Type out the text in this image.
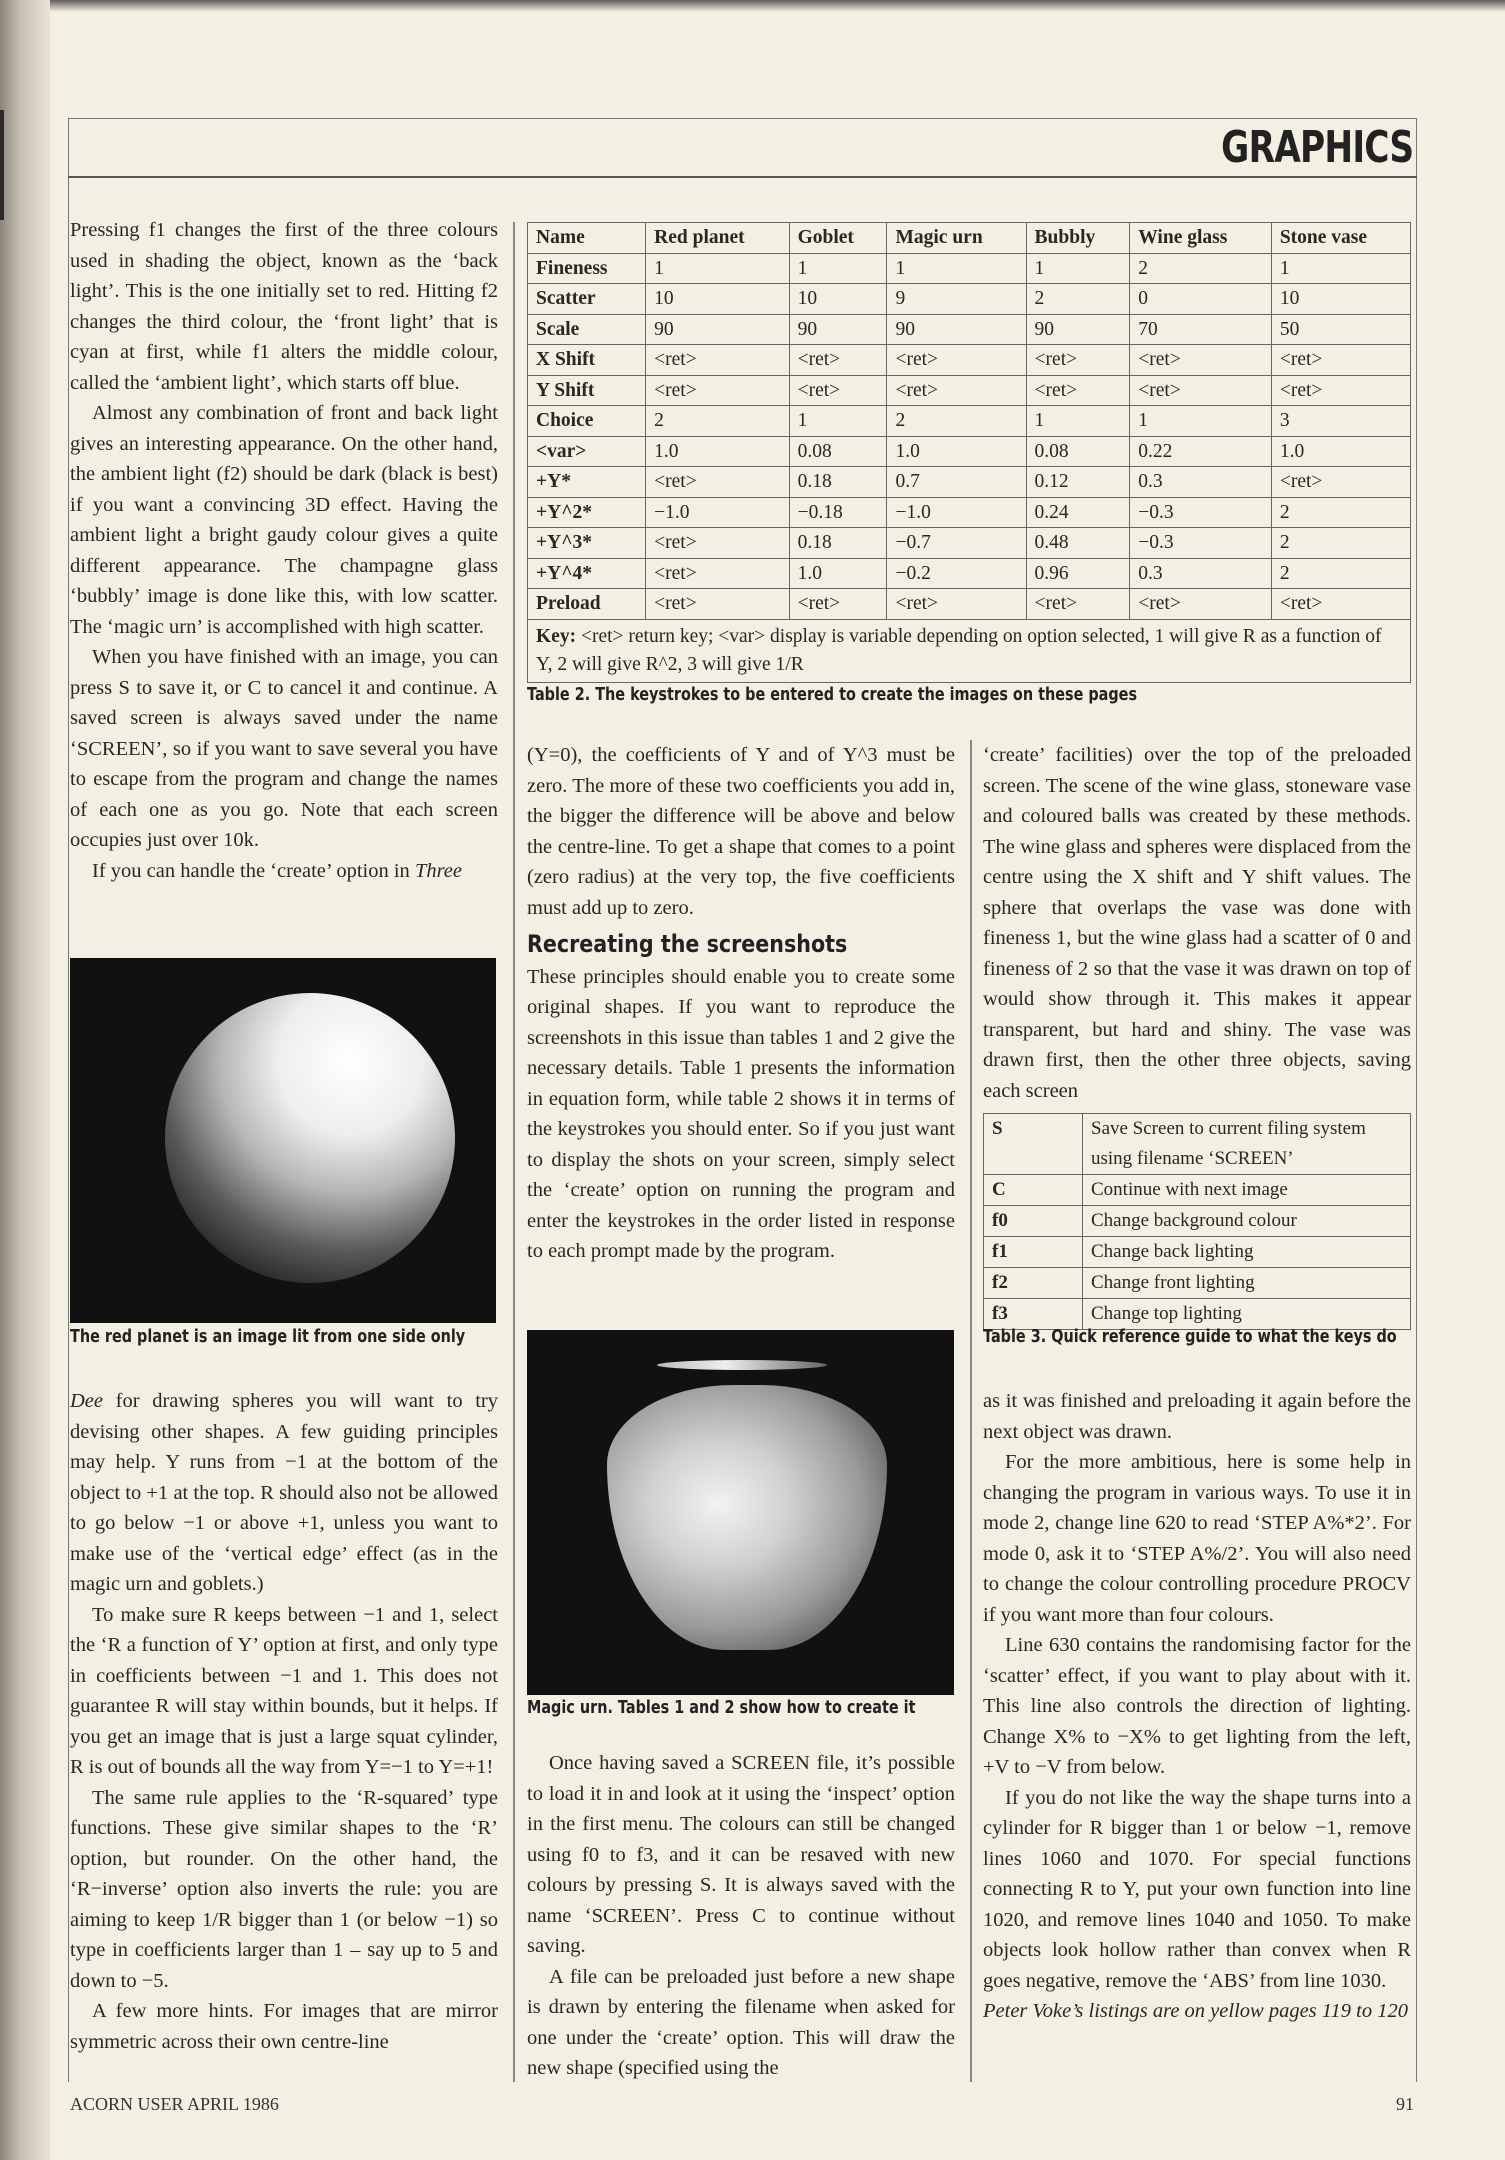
GRAPHICS

Pressing f1 changes the first of the three colours used in shading the object, known as the ‘back light’. This is the one initially set to red. Hitting f2 changes the third colour, the ‘front light’ that is cyan at first, while f1 alters the middle colour, called the ‘ambient light’, which starts off blue.

Almost any combination of front and back light gives an interesting appearance. On the other hand, the ambient light (f2) should be dark (black is best) if you want a convincing 3D effect. Having the ambient light a bright gaudy colour gives a quite different appearance. The champagne glass ‘bubbly’ image is done like this, with low scatter. The ‘magic urn’ is accomplished with high scatter.

When you have finished with an image, you can press S to save it, or C to cancel it and continue. A saved screen is always saved under the name ‘SCREEN’, so if you want to save several you have to escape from the program and change the names of each one as you go. Note that each screen occupies just over 10k.

If you can handle the ‘create’ option in Three

The red planet is an image lit from one side only

Dee for drawing spheres you will want to try devising other shapes. A few guiding principles may help. Y runs from −1 at the bottom of the object to +1 at the top. R should also not be allowed to go below −1 or above +1, unless you want to make use of the ‘vertical edge’ effect (as in the magic urn and goblets.)

To make sure R keeps between −1 and 1, select the ‘R a function of Y’ option at first, and only type in coefficients between −1 and 1. This does not guarantee R will stay within bounds, but it helps. If you get an image that is just a large squat cylinder, R is out of bounds all the way from Y=−1 to Y=+1!

The same rule applies to the ‘R-squared’ type functions. These give similar shapes to the ‘R’ option, but rounder. On the other hand, the ‘R−inverse’ option also inverts the rule: you are aiming to keep 1/R bigger than 1 (or below −1) so type in coefficients larger than 1 – say up to 5 and down to −5.

A few more hints. For images that are mirror symmetric across their own centre-line

Name	Red planet	Goblet	Magic urn	Bubbly	Wine glass	Stone vase
Fineness	1	1	1	1	2	1
Scatter	10	10	9	2	0	10
Scale	90	90	90	90	70	50
X Shift	<ret>	<ret>	<ret>	<ret>	<ret>	<ret>
Y Shift	<ret>	<ret>	<ret>	<ret>	<ret>	<ret>
Choice	2	1	2	1	1	3
<var>	1.0	0.08	1.0	0.08	0.22	1.0
+Y*	<ret>	0.18	0.7	0.12	0.3	<ret>
+Y^2*	−1.0	−0.18	−1.0	0.24	−0.3	2
+Y^3*	<ret>	0.18	−0.7	0.48	−0.3	2
+Y^4*	<ret>	1.0	−0.2	0.96	0.3	2
Preload	<ret>	<ret>	<ret>	<ret>	<ret>	<ret>
Key: <ret> return key; <var> display is variable depending on option selected, 1 will give R as a function of Y, 2 will give R^2, 3 will give 1/R						
Table 2. The keystrokes to be entered to create the images on these pages

(Y=0), the coefficients of Y and of Y^3 must be zero. The more of these two coefficients you add in, the bigger the difference will be above and below the centre-line. To get a shape that comes to a point (zero radius) at the very top, the five coefficients must add up to zero.

Recreating the screenshots

These principles should enable you to create some original shapes. If you want to reproduce the screenshots in this issue than tables 1 and 2 give the necessary details. Table 1 presents the information in equation form, while table 2 shows it in terms of the keystrokes you should enter. So if you just want to display the shots on your screen, simply select the ‘create’ option on running the program and enter the keystrokes in the order listed in response to each prompt made by the program.

Magic urn. Tables 1 and 2 show how to create it

Once having saved a SCREEN file, it’s possible to load it in and look at it using the ‘inspect’ option in the first menu. The colours can still be changed using f0 to f3, and it can be resaved with new colours by pressing S. It is always saved with the name ‘SCREEN’. Press C to continue without saving.

A file can be preloaded just before a new shape is drawn by entering the filename when asked for one under the ‘create’ option. This will draw the new shape (specified using the

‘create’ facilities) over the top of the preloaded screen. The scene of the wine glass, stoneware vase and coloured balls was created by these methods. The wine glass and spheres were displaced from the centre using the X shift and Y shift values. The sphere that overlaps the vase was done with fineness 1, but the wine glass had a scatter of 0 and fineness of 2 so that the vase it was drawn on top of would show through it. This makes it appear transparent, but hard and shiny. The vase was drawn first, then the other three objects, saving each screen

S	Save Screen to current filing system using filename ‘SCREEN’
C	Continue with next image
f0	Change background colour
f1	Change back lighting
f2	Change front lighting
f3	Change top lighting
Table 3. Quick reference guide to what the keys do

as it was finished and preloading it again before the next object was drawn.

For the more ambitious, here is some help in changing the program in various ways. To use it in mode 2, change line 620 to read ‘STEP A%*2’. For mode 0, ask it to ‘STEP A%/2’. You will also need to change the colour controlling procedure PROCV if you want more than four colours.

Line 630 contains the randomising factor for the ‘scatter’ effect, if you want to play about with it. This line also controls the direction of lighting. Change X% to −X% to get lighting from the left, +V to −V from below.

If you do not like the way the shape turns into a cylinder for R bigger than 1 or below −1, remove lines 1060 and 1070. For special functions connecting R to Y, put your own function into line 1020, and remove lines 1040 and 1050. To make objects look hollow rather than convex when R goes negative, remove the ‘ABS’ from line 1030.

Peter Voke’s listings are on yellow pages 119 to 120

ACORN USER APRIL 1986	91
